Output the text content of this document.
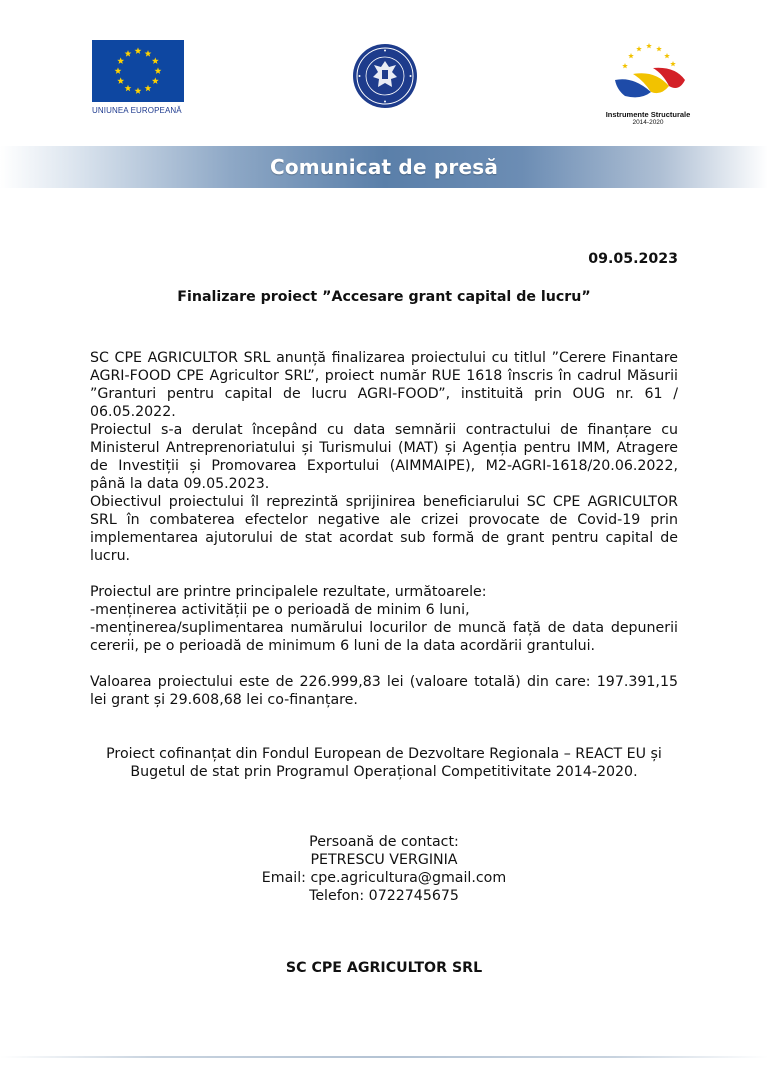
UNIUNEA EUROPEANĂ	Instrumente Structurale
2014-2020
Comunicat de presă

09.05.2023

Finalizare proiect ”Accesare grant capital de lucru”

SC CPE AGRICULTOR SRL anunță finalizarea proiectului cu titlul ”Cerere Finantare AGRI-FOOD CPE Agricultor SRL”, proiect număr RUE 1618 înscris în cadrul Măsurii ”Granturi pentru capital de lucru AGRI-FOOD”, instituită prin OUG nr. 61 / 06.05.2022.

Proiectul s-a derulat începând cu data semnării contractului de finanțare cu Ministerul Antreprenoriatului și Turismului (MAT) și Agenția pentru IMM, Atragere de Investiții și Promovarea Exportului (AIMMAIPE), M2-AGRI-1618/20.06.2022, până la data 09.05.2023.

Obiectivul proiectului îl reprezintă sprijinirea beneficiarului SC CPE AGRICULTOR SRL în combaterea efectelor negative ale crizei provocate de Covid-19 prin implementarea ajutorului de stat acordat sub formă de grant pentru capital de lucru.

Proiectul are printre principalele rezultate, următoarele:

-menținerea activității pe o perioadă de minim 6 luni,

-menținerea/suplimentarea numărului locurilor de muncă față de data depunerii cererii, pe o perioadă de minimum 6 luni de la data acordării grantului.

Valoarea proiectului este de 226.999,83 lei (valoare totală) din care: 197.391,15 lei grant și 29.608,68 lei co-finanțare.

Proiect cofinanțat din Fondul European de Dezvoltare Regionala – REACT EU și

Bugetul de stat prin Programul Operațional Competitivitate 2014-2020.

Persoană de contact:

PETRESCU VERGINIA

Email: cpe.agricultura@gmail.com

Telefon: 0722745675

SC CPE AGRICULTOR SRL
